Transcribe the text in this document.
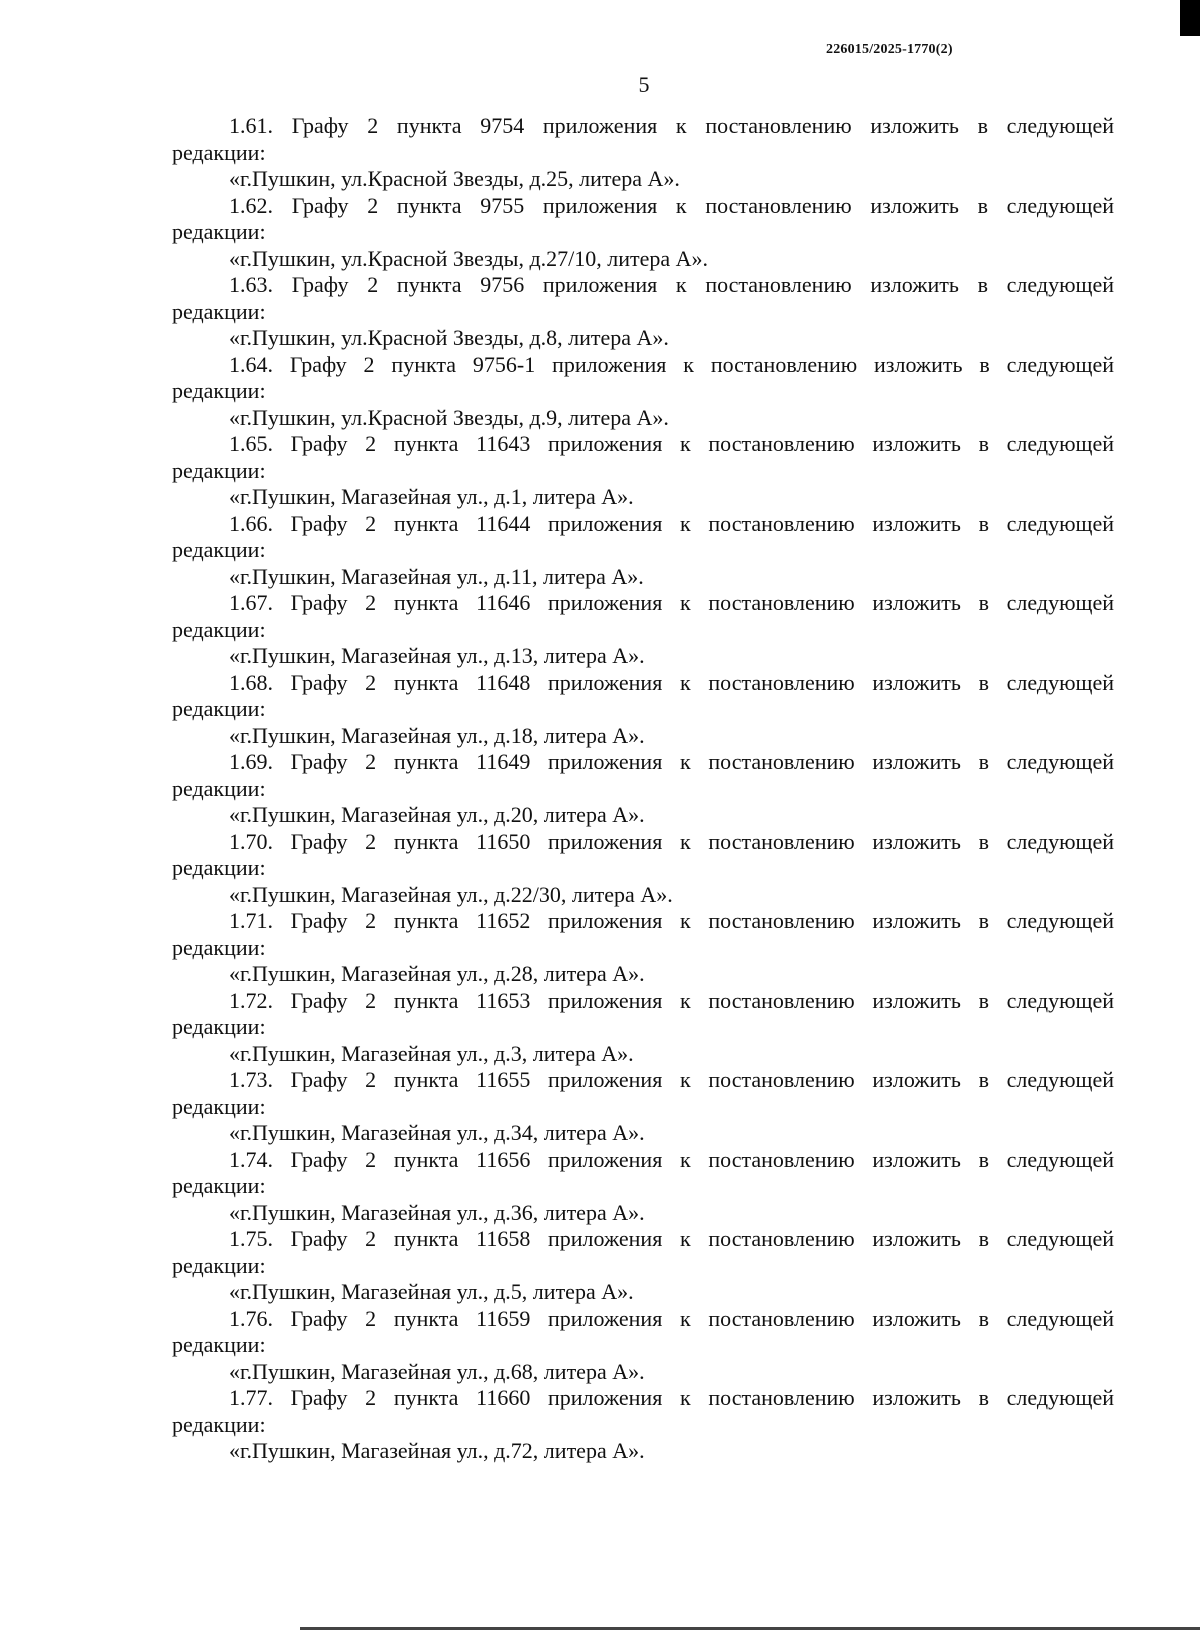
226015/2025-1770(2)
5

1.61. Графу 2 пункта 9754 приложения к постановлению изложить в следующей

редакции:

«г.Пушкин, ул.Красной Звезды, д.25, литера А».

1.62. Графу 2 пункта 9755 приложения к постановлению изложить в следующей

редакции:

«г.Пушкин, ул.Красной Звезды, д.27/10, литера А».

1.63. Графу 2 пункта 9756 приложения к постановлению изложить в следующей

редакции:

«г.Пушкин, ул.Красной Звезды, д.8, литера А».

1.64. Графу 2 пункта 9756-1 приложения к постановлению изложить в следующей

редакции:

«г.Пушкин, ул.Красной Звезды, д.9, литера А».

1.65. Графу 2 пункта 11643 приложения к постановлению изложить в следующей

редакции:

«г.Пушкин, Магазейная ул., д.1, литера А».

1.66. Графу 2 пункта 11644 приложения к постановлению изложить в следующей

редакции:

«г.Пушкин, Магазейная ул., д.11, литера А».

1.67. Графу 2 пункта 11646 приложения к постановлению изложить в следующей

редакции:

«г.Пушкин, Магазейная ул., д.13, литера А».

1.68. Графу 2 пункта 11648 приложения к постановлению изложить в следующей

редакции:

«г.Пушкин, Магазейная ул., д.18, литера А».

1.69. Графу 2 пункта 11649 приложения к постановлению изложить в следующей

редакции:

«г.Пушкин, Магазейная ул., д.20, литера А».

1.70. Графу 2 пункта 11650 приложения к постановлению изложить в следующей

редакции:

«г.Пушкин, Магазейная ул., д.22/30, литера А».

1.71. Графу 2 пункта 11652 приложения к постановлению изложить в следующей

редакции:

«г.Пушкин, Магазейная ул., д.28, литера А».

1.72. Графу 2 пункта 11653 приложения к постановлению изложить в следующей

редакции:

«г.Пушкин, Магазейная ул., д.3, литера А».

1.73. Графу 2 пункта 11655 приложения к постановлению изложить в следующей

редакции:

«г.Пушкин, Магазейная ул., д.34, литера А».

1.74. Графу 2 пункта 11656 приложения к постановлению изложить в следующей

редакции:

«г.Пушкин, Магазейная ул., д.36, литера А».

1.75. Графу 2 пункта 11658 приложения к постановлению изложить в следующей

редакции:

«г.Пушкин, Магазейная ул., д.5, литера А».

1.76. Графу 2 пункта 11659 приложения к постановлению изложить в следующей

редакции:

«г.Пушкин, Магазейная ул., д.68, литера А».

1.77. Графу 2 пункта 11660 приложения к постановлению изложить в следующей

редакции:

«г.Пушкин, Магазейная ул., д.72, литера А».
